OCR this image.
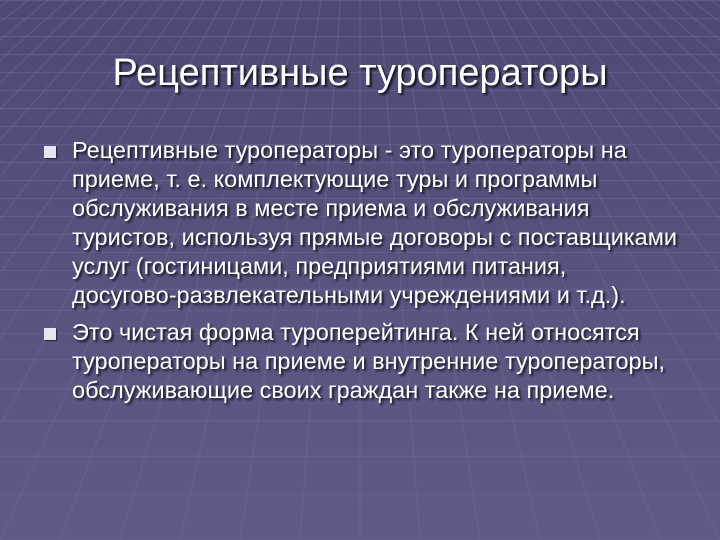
Рецептивные туроператоры
Рецептивные туроператоры - это туроператоры на приеме, т. е. комплектующие туры и программы обслуживания в месте приема и обслуживания туристов, используя прямые договоры с поставщиками услуг (гостиницами, предприятиями питания, досугово-развлекательными учреждениями и т.д.).
Это чистая форма туроперейтинга. К ней относятся туроператоры на приеме и внутренние туроператоры, обслуживающие своих граждан также на приеме.
